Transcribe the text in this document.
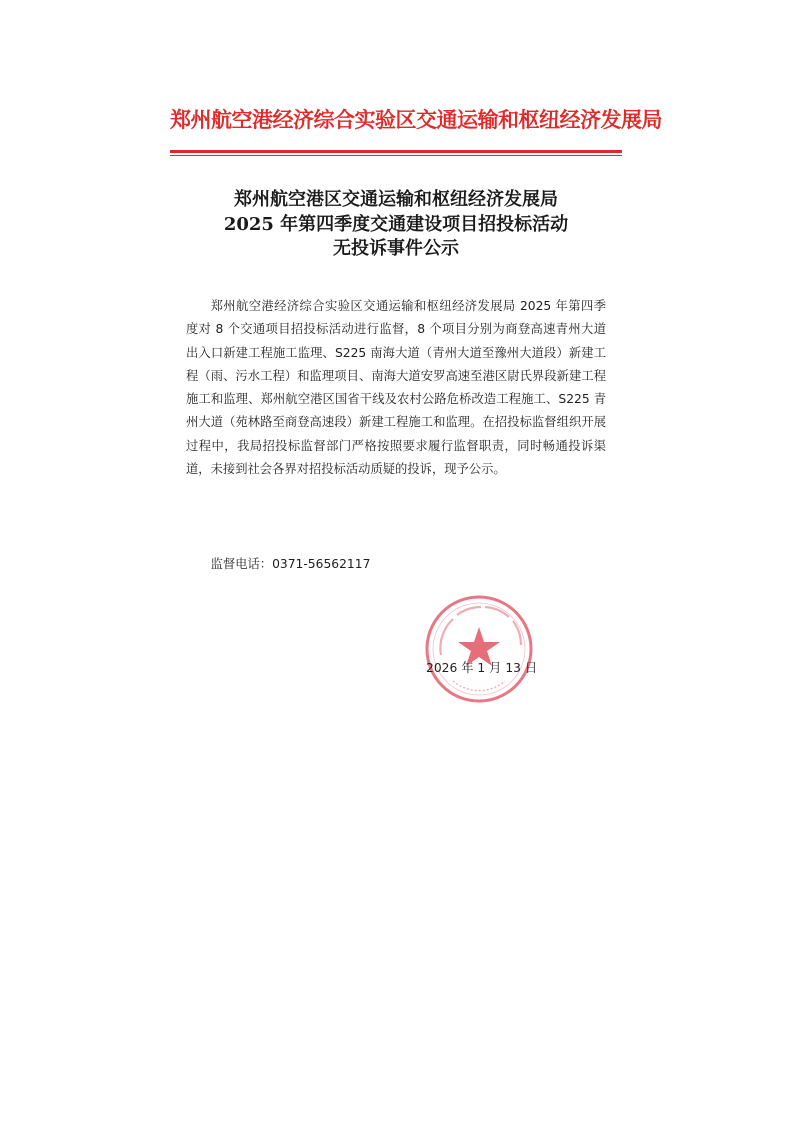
郑州航空港经济综合实验区交通运输和枢纽经济发展局
郑州航空港区交通运输和枢纽经济发展局
2025 年第四季度交通建设项目招投标活动
无投诉事件公示
郑州航空港经济综合实验区交通运输和枢纽经济发展局 2025 年第四季度对 8 个交通项目招投标活动进行监督，8 个项目分别为商登高速青州大道出入口新建工程施工监理、S225 南海大道（青州大道至豫州大道段）新建工程（雨、污水工程）和监理项目、南海大道安罗高速至港区尉氏界段新建工程施工和监理、郑州航空港区国省干线及农村公路危桥改造工程施工、S225 青州大道（苑林路至商登高速段）新建工程施工和监理。在招投标监督组织开展过程中，我局招投标监督部门严格按照要求履行监督职责，同时畅通投诉渠道，未接到社会各界对招投标活动质疑的投诉，现予公示。
监督电话：0371-56562117
2026 年 1 月 13 日
